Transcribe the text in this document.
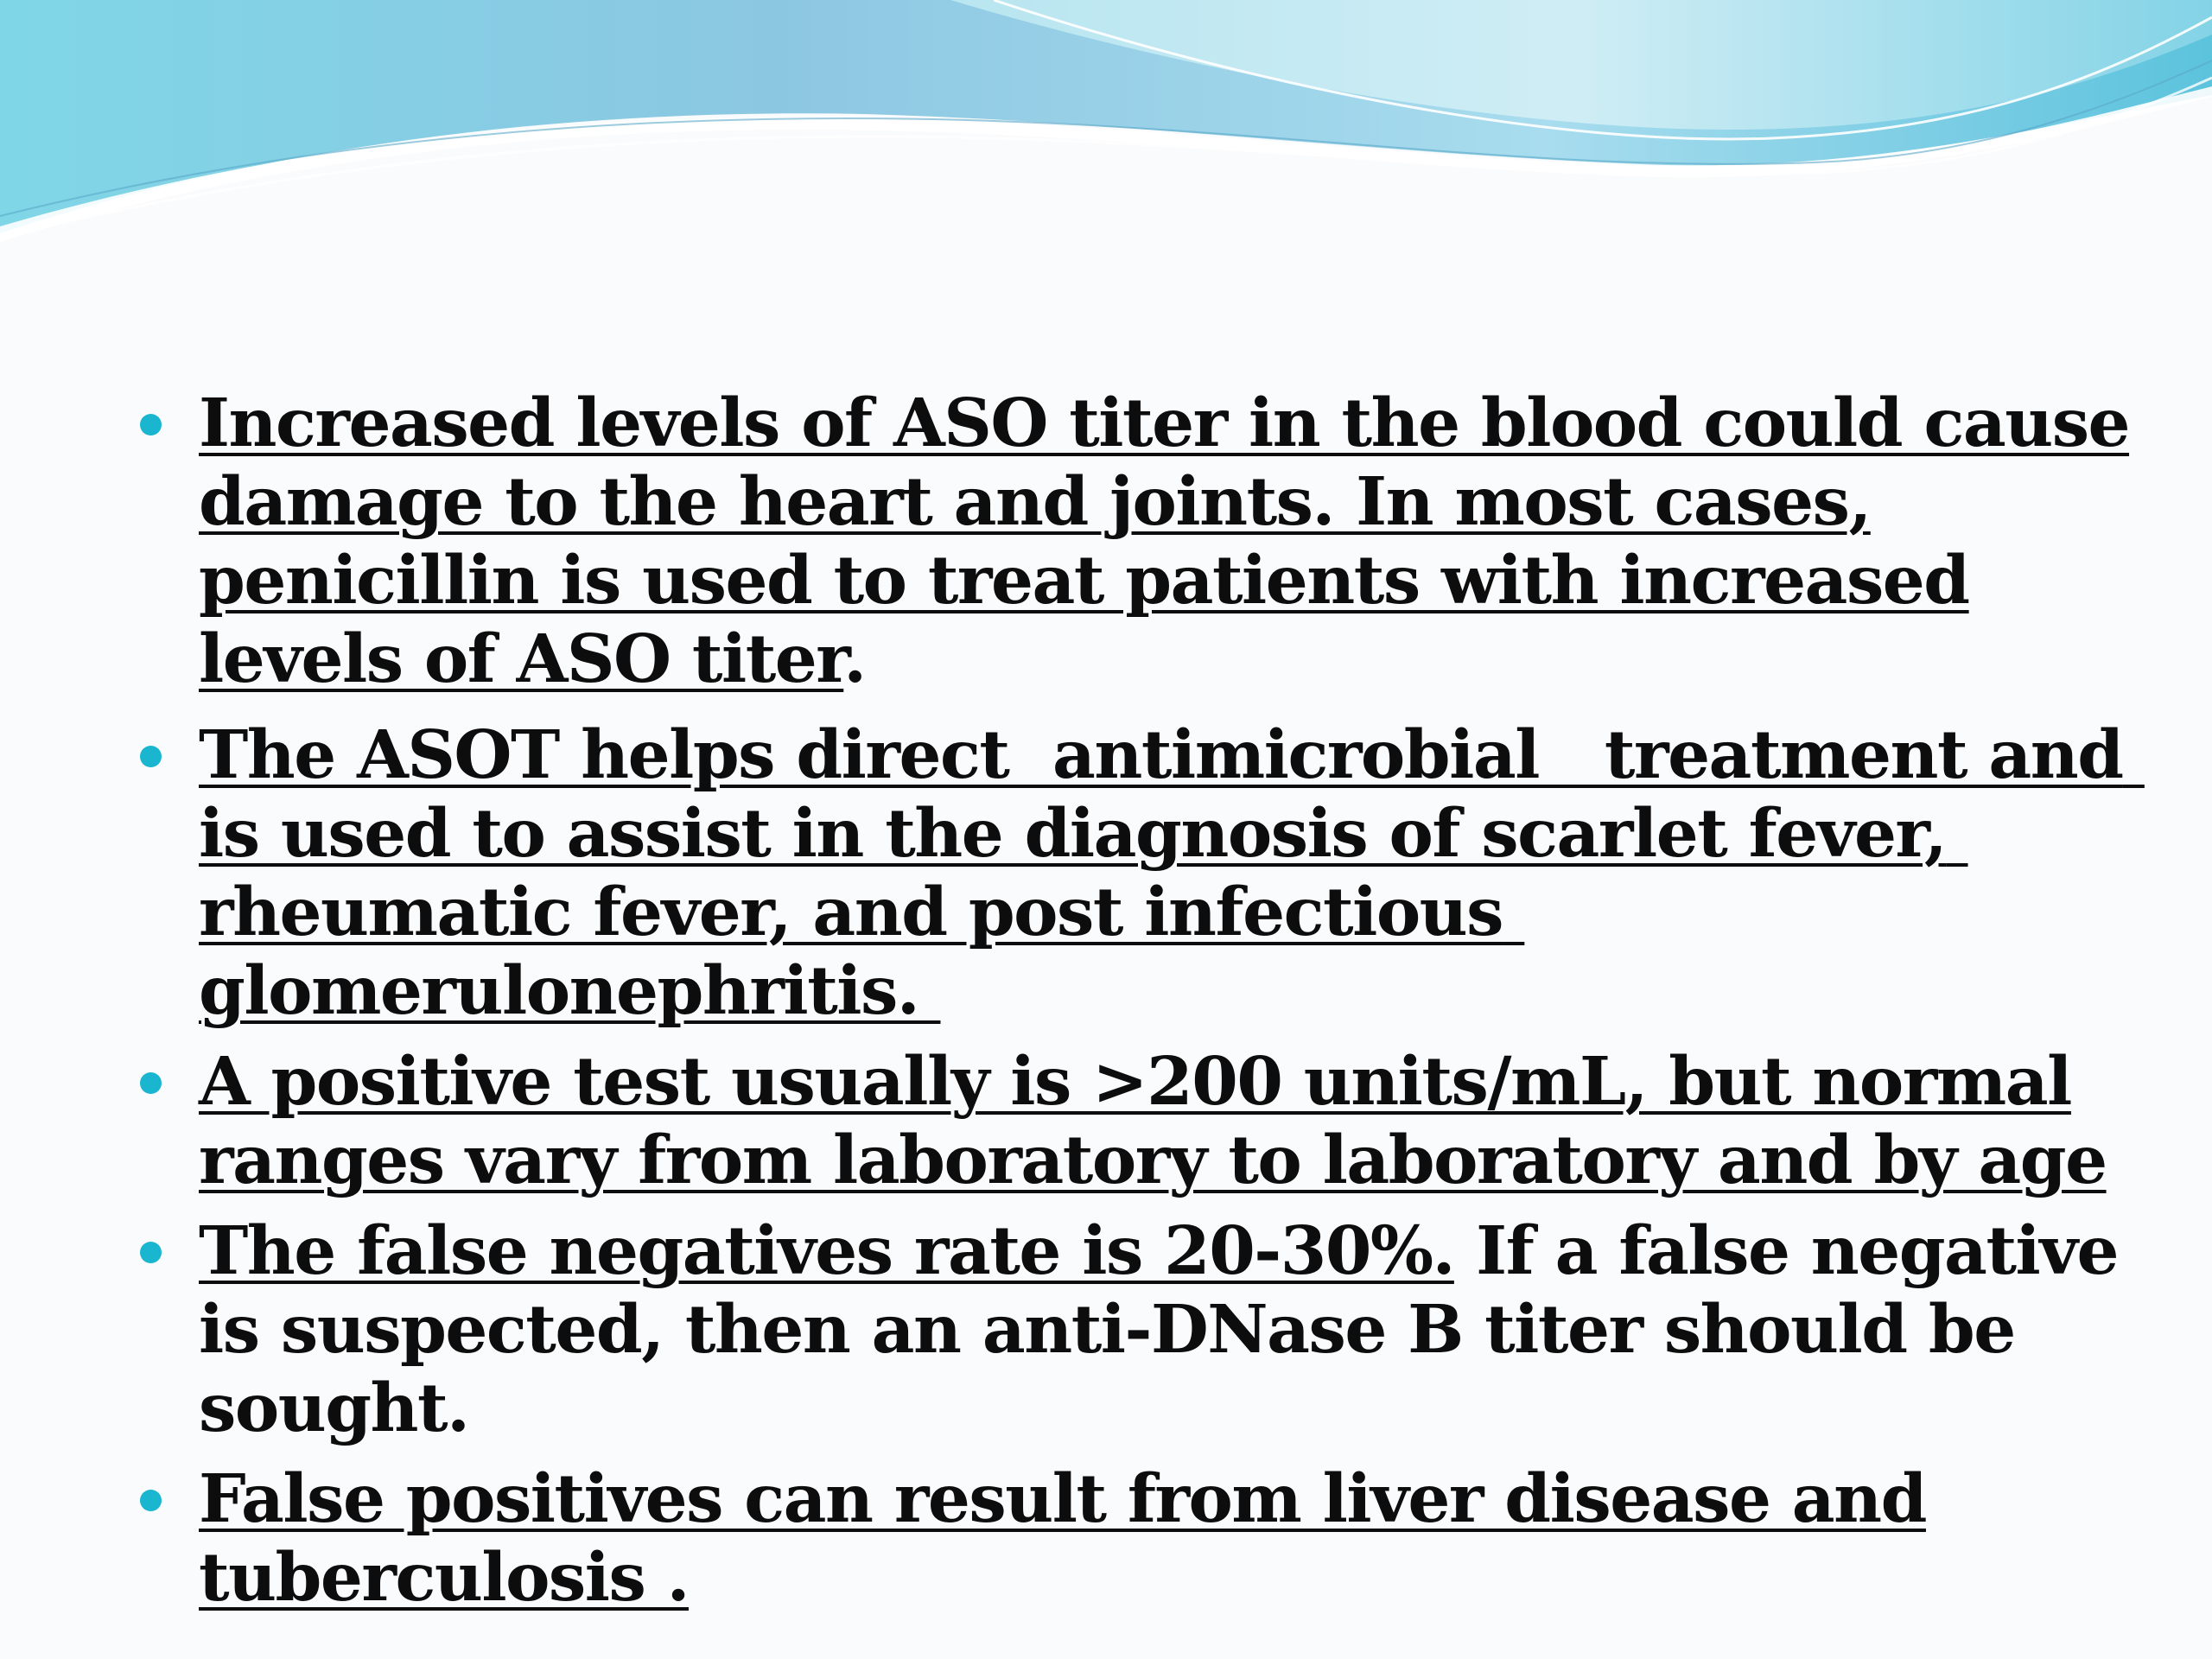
Increased levels of ASO titer in the blood could cause damage to the heart and joints. In most cases, penicillin is used to treat patients with increased levels of ASO titer.
The ASOT helps direct  antimicrobial   treatment and is used to assist in the diagnosis of scarlet fever, rheumatic fever, and post infectious glomerulonephritis.
A positive test usually is >200 units/mL, but normal ranges vary from laboratory to laboratory and by age
The false negatives rate is 20-30%. If a false negative is suspected, then an anti-DNase B titer should be sought.
False positives can result from liver disease and tuberculosis .
